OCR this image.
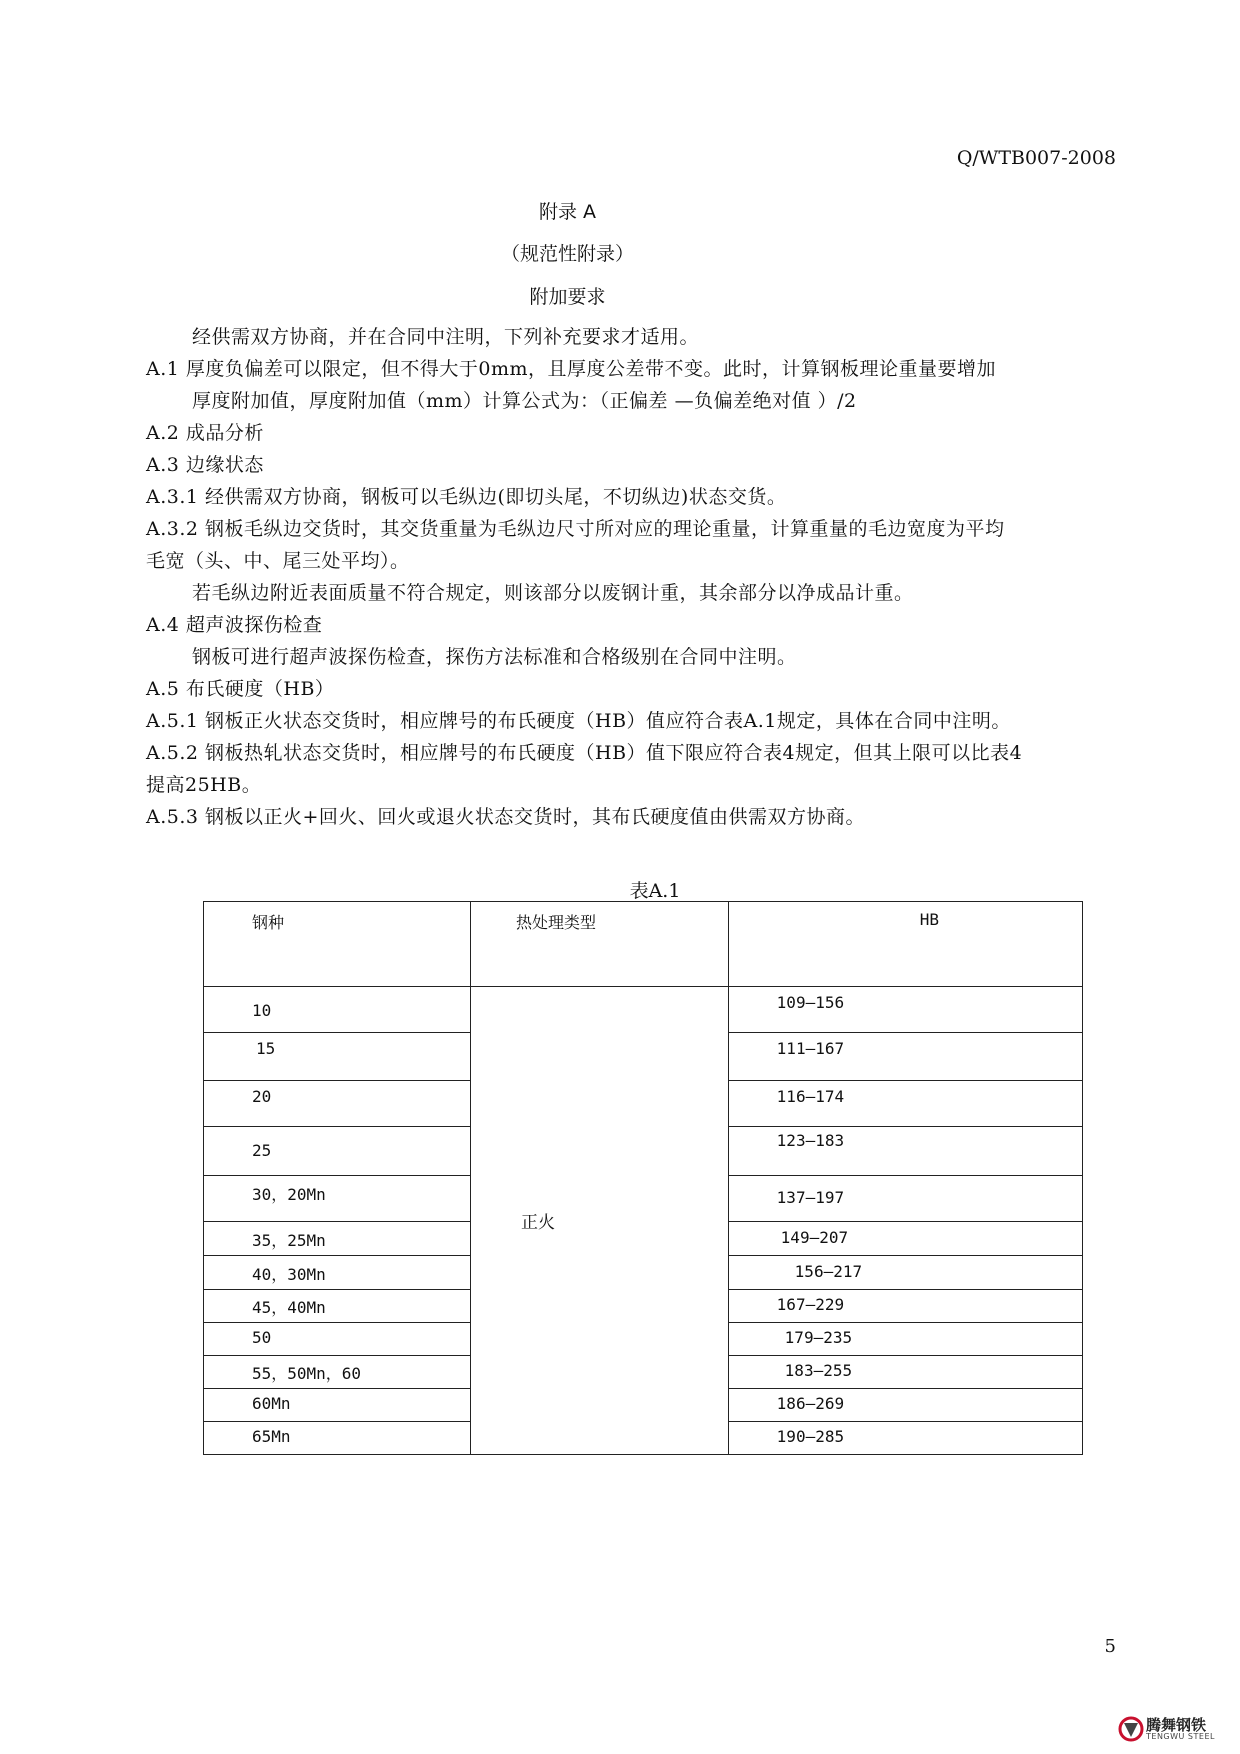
Q/WTB007-2008
附录 A
（规范性附录）
附加要求
经供需双方协商，并在合同中注明，下列补充要求才适用。
A.1 厚度负偏差可以限定，但不得大于0mm，且厚度公差带不变。此时，计算钢板理论重量要增加
厚度附加值，厚度附加值（mm）计算公式为：（正偏差 —负偏差绝对值 ）/2
A.2 成品分析
A.3 边缘状态
A.3.1 经供需双方协商，钢板可以毛纵边(即切头尾，不切纵边)状态交货。
A.3.2 钢板毛纵边交货时，其交货重量为毛纵边尺寸所对应的理论重量，计算重量的毛边宽度为平均
毛宽（头、中、尾三处平均）。
若毛纵边附近表面质量不符合规定，则该部分以废钢计重，其余部分以净成品计重。
A.4 超声波探伤检查
钢板可进行超声波探伤检查，探伤方法标准和合格级别在合同中注明。
A.5 布氏硬度（HB）
A.5.1 钢板正火状态交货时，相应牌号的布氏硬度（HB）值应符合表A.1规定，具体在合同中注明。
A.5.2 钢板热轧状态交货时，相应牌号的布氏硬度（HB）值下限应符合表4规定，但其上限可以比表4
提高25HB。
A.5.3 钢板以正火+回火、回火或退火状态交货时，其布氏硬度值由供需双方协商。
表A.1
钢种	热处理类型	HB
10	正火	109—156
15		111—167
20		116—174
25		123—183
30，20Mn		137—197
35，25Mn		149—207
40，30Mn		156—217
45，40Mn		167—229
50		179—235
55，50Mn，60		183—255
60Mn		186—269
65Mn		190—285
5
腾舞钢铁
TENGWU STEEL
